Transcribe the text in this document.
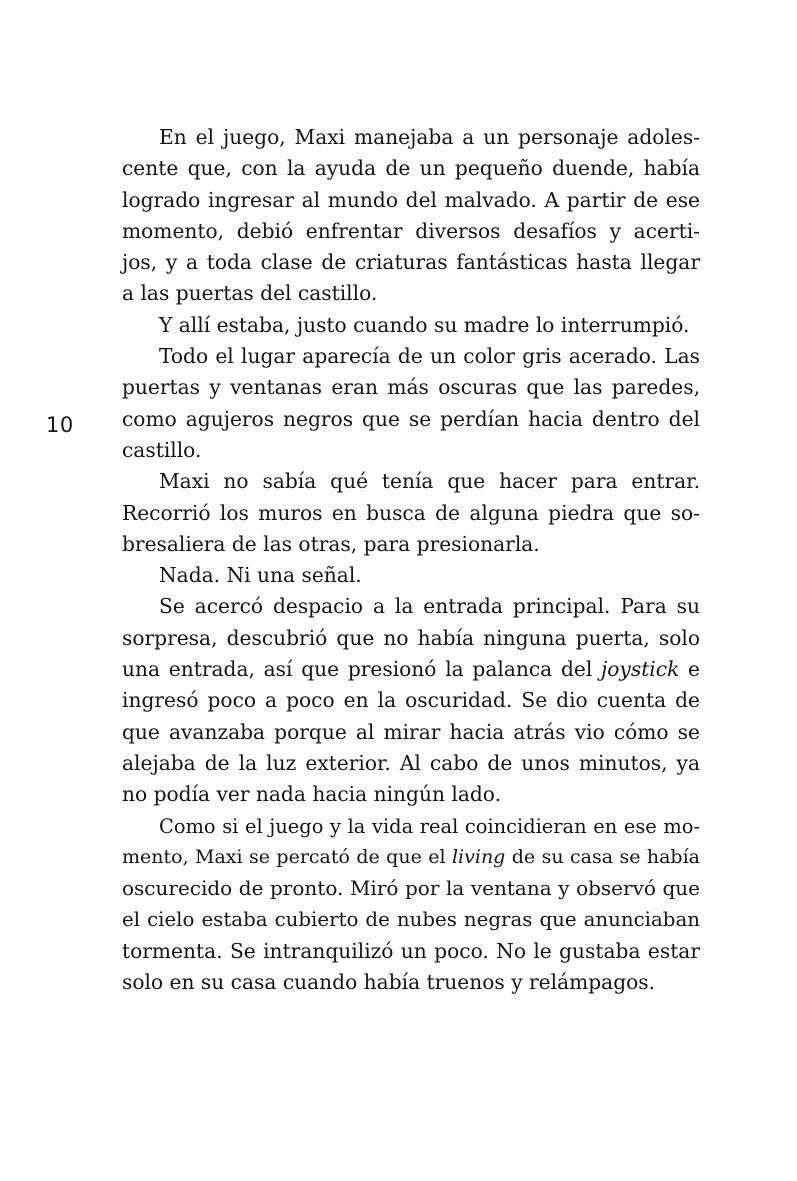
10
En el juego, Maxi manejaba a un personaje adoles-
cente que, con la ayuda de un pequeño duende, había
logrado ingresar al mundo del malvado. A partir de ese
momento, debió enfrentar diversos desafíos y acerti-
jos, y a toda clase de criaturas fantásticas hasta llegar
a las puertas del castillo.
Y allí estaba, justo cuando su madre lo interrumpió.
Todo el lugar aparecía de un color gris acerado. Las
puertas y ventanas eran más oscuras que las paredes,
como agujeros negros que se perdían hacia dentro del
castillo.
Maxi no sabía qué tenía que hacer para entrar.
Recorrió los muros en busca de alguna piedra que so-
bresaliera de las otras, para presionarla.
Nada. Ni una señal.
Se acercó despacio a la entrada principal. Para su
sorpresa, descubrió que no había ninguna puerta, solo
una entrada, así que presionó la palanca del joystick e
ingresó poco a poco en la oscuridad. Se dio cuenta de
que avanzaba porque al mirar hacia atrás vio cómo se
alejaba de la luz exterior. Al cabo de unos minutos, ya
no podía ver nada hacia ningún lado.
Como si el juego y la vida real coincidieran en ese mo-
mento, Maxi se percató de que el living de su casa se había
oscurecido de pronto. Miró por la ventana y observó que
el cielo estaba cubierto de nubes negras que anunciaban
tormenta. Se intranquilizó un poco. No le gustaba estar
solo en su casa cuando había truenos y relámpagos.
